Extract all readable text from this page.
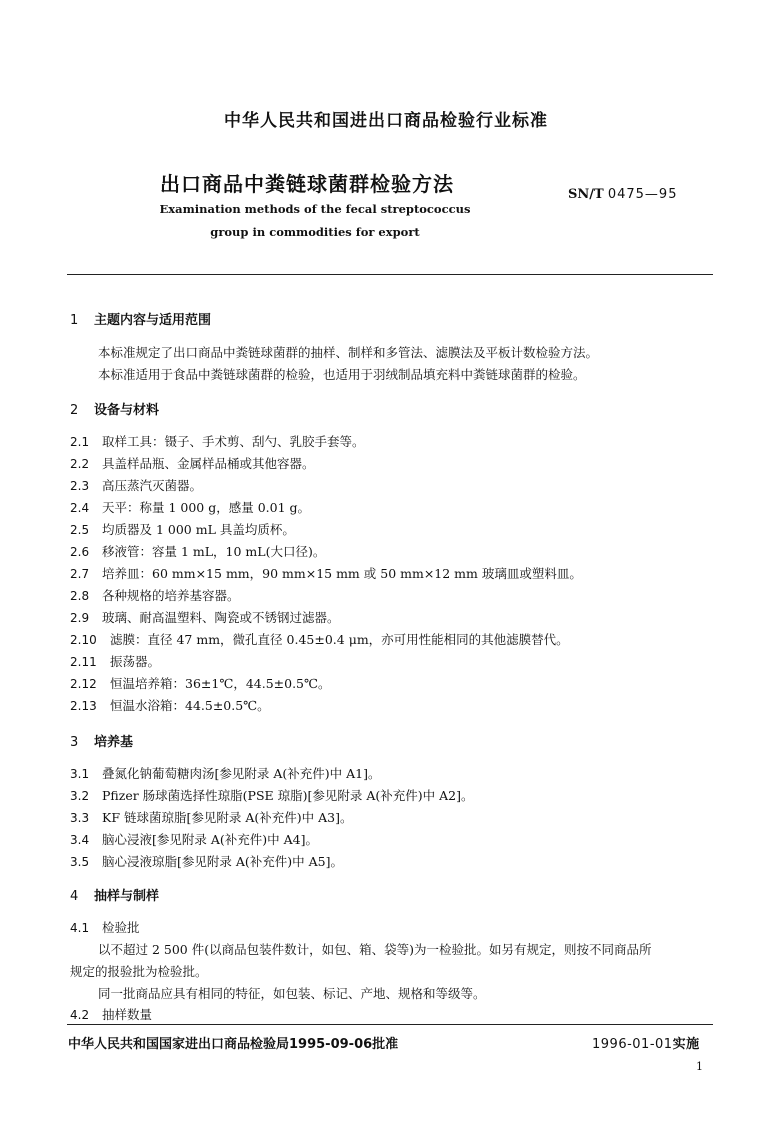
中华人民共和国进出口商品检验行业标准
出口商品中粪链球菌群检验方法	SN/T 0475—95
Examination methods of the fecal streptococcus
group in commodities for export
1 主题内容与适用范围
本标准规定了出口商品中粪链球菌群的抽样、制样和多管法、滤膜法及平板计数检验方法。
本标准适用于食品中粪链球菌群的检验，也适用于羽绒制品填充料中粪链球菌群的检验。
2 设备与材料
2.1 取样工具：镊子、手术剪、刮勺、乳胶手套等。
2.2 具盖样品瓶、金属样品桶或其他容器。
2.3 高压蒸汽灭菌器。
2.4 天平：称量 1 000 g，感量 0.01 g。
2.5 均质器及 1 000 mL 具盖均质杯。
2.6 移液管：容量 1 mL，10 mL(大口径)。
2.7 培养皿：60 mm×15 mm，90 mm×15 mm 或 50 mm×12 mm 玻璃皿或塑料皿。
2.8 各种规格的培养基容器。
2.9 玻璃、耐高温塑料、陶瓷或不锈钢过滤器。
2.10 滤膜：直径 47 mm，微孔直径 0.45±0.4 μm，亦可用性能相同的其他滤膜替代。
2.11 振荡器。
2.12 恒温培养箱：36±1℃，44.5±0.5℃。
2.13 恒温水浴箱：44.5±0.5℃。
3 培养基
3.1 叠氮化钠葡萄糖肉汤[参见附录 A(补充件)中 A1]。
3.2 Pfizer 肠球菌选择性琼脂(PSE 琼脂)[参见附录 A(补充件)中 A2]。
3.3 KF 链球菌琼脂[参见附录 A(补充件)中 A3]。
3.4 脑心浸液[参见附录 A(补充件)中 A4]。
3.5 脑心浸液琼脂[参见附录 A(补充件)中 A5]。
4 抽样与制样
4.1 检验批
以不超过 2 500 件(以商品包装件数计，如包、箱、袋等)为一检验批。如另有规定，则按不同商品所
规定的报验批为检验批。
同一批商品应具有相同的特征，如包装、标记、产地、规格和等级等。
4.2 抽样数量
中华人民共和国国家进出口商品检验局1995-09-06批准	1996-01-01实施
1
